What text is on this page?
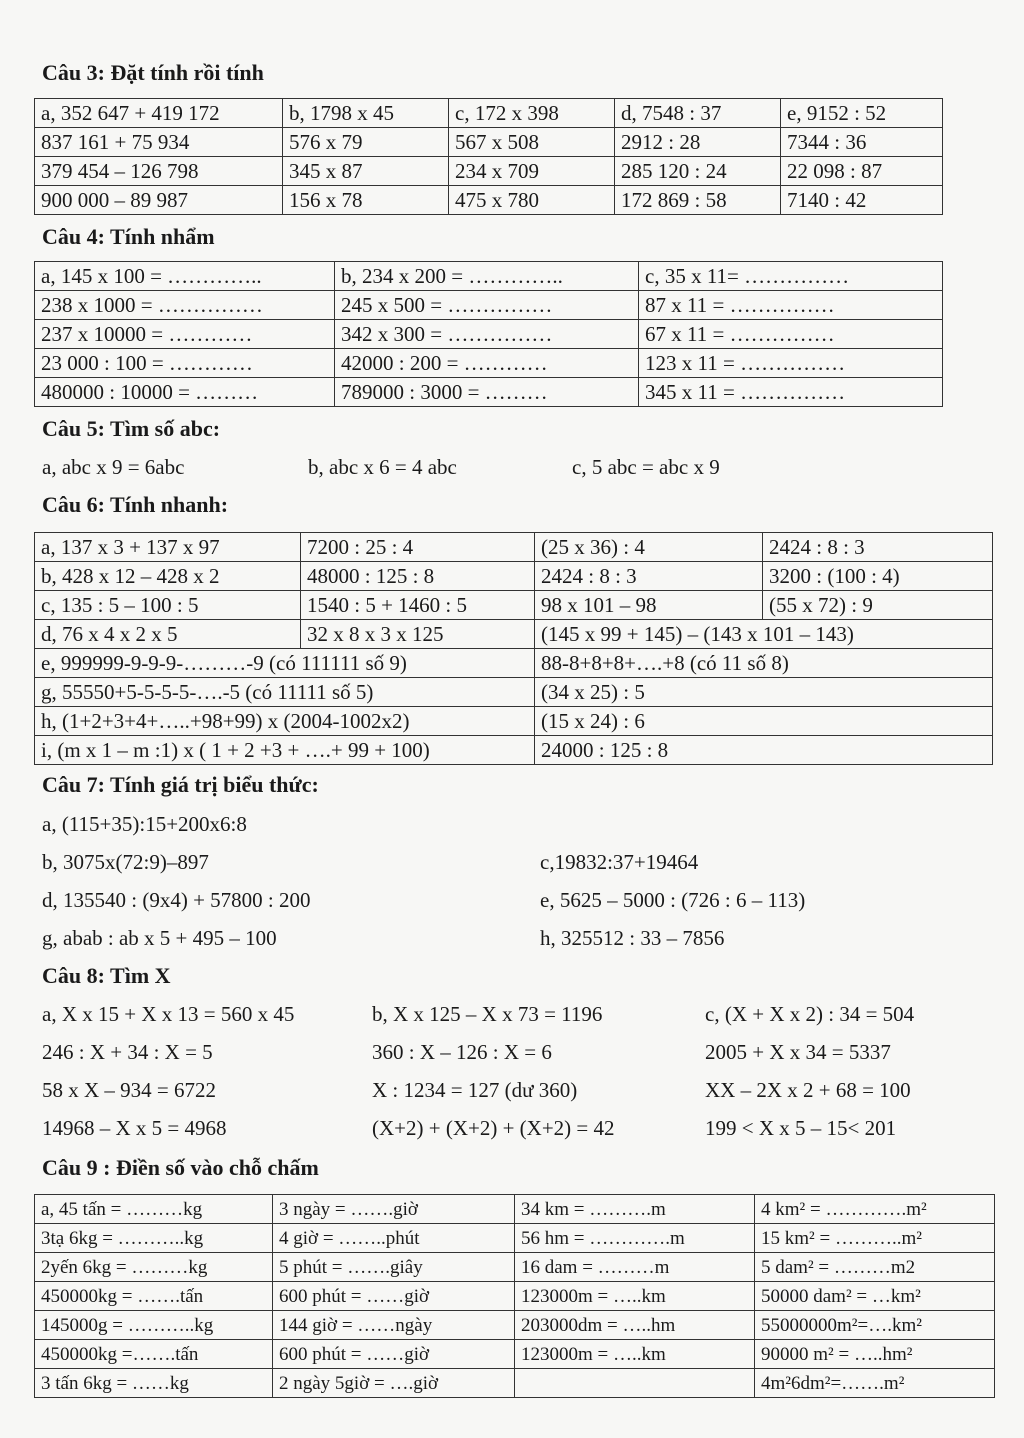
Câu 3: Đặt tính rồi tính
a, 352 647 + 419 172	b, 1798 x 45	c, 172 x 398	d, 7548 : 37	e, 9152 : 52
837 161 + 75 934	576 x 79	567 x 508	2912 : 28	7344 : 36
379 454 – 126 798	345 x 87	234 x 709	285 120 : 24	22 098 : 87
900 000 – 89 987	156 x 78	475 x 780	172 869 : 58	7140 : 42
Câu 4: Tính nhẩm
a, 145 x 100 = …………..	b, 234 x 200 = …………..	c, 35 x 11= ……………
238 x 1000 = ……………	245 x 500 = ……………	87 x 11 = ……………
237 x 10000 = …………	342 x 300 = ……………	67 x 11 = ……………
23 000 : 100 = …………	42000 : 200 = …………	123 x 11 = ……………
480000 : 10000 = ………	789000 : 3000 = ………	345 x 11 = ……………
Câu 5: Tìm số abc:
a, abc x 9 = 6abc	b, abc x 6 = 4 abc	c, 5 abc = abc x 9
Câu 6: Tính nhanh:
a, 137 x 3 + 137 x 97	7200 : 25 : 4	(25 x 36) : 4	2424 : 8 : 3
b, 428 x 12 – 428 x 2	48000 : 125 : 8	2424 : 8 : 3	3200 : (100 : 4)
c, 135 : 5 – 100 : 5	1540 : 5 + 1460 : 5	98 x 101 – 98	(55 x 72) : 9
d, 76 x 4 x 2 x 5	32 x 8 x 3 x 125	(145 x 99 + 145) – (143 x 101 – 143)	
e, 999999-9-9-9-………-9 (có 111111 số 9)		88-8+8+8+….+8 (có 11 số 8)	
g, 55550+5-5-5-5-….-5 (có 11111 số 5)		(34 x 25) : 5	
h, (1+2+3+4+…..+98+99) x (2004-1002x2)		(15 x 24) : 6	
i, (m x 1 – m :1) x ( 1 + 2 +3 + ….+ 99 + 100)		24000 : 125 : 8	
Câu 7: Tính giá trị biểu thức:
a, (115+35):15+200x6:8
b, 3075x(72:9)–897	c,19832:37+19464
d, 135540 : (9x4) + 57800 : 200	e, 5625 – 5000 : (726 : 6 – 113)
g, abab : ab x 5 + 495 – 100	h, 325512 : 33 – 7856
Câu 8: Tìm X
a, X x 15 + X x 13 = 560 x 45	b, X x 125 – X x 73 = 1196	c, (X + X x 2) : 34 = 504
246 : X + 34 : X = 5	360 : X – 126 : X = 6	2005 + X x 34 = 5337
58 x X – 934 = 6722	X : 1234 = 127 (dư 360)	XX – 2X x 2 + 68 = 100
14968 – X x 5 = 4968	(X+2) + (X+2) + (X+2) = 42	199 < X x 5 – 15< 201
Câu 9 : Điền số vào chỗ chấm
a, 45 tấn = ………kg	3 ngày = …….giờ	34 km = ……….m	4 km² = ………….m²
3tạ 6kg = ………..kg	4 giờ = ……..phút	56 hm = ………….m	15 km² = ………..m²
2yến 6kg = ………kg	5 phút = …….giây	16 dam = ………m	5 dam² = ………m2
450000kg = …….tấn	600 phút = ……giờ	123000m = …..km	50000 dam² = …km²
145000g = ………..kg	144 giờ = ……ngày	203000dm = …..hm	55000000m²=….km²
450000kg =…….tấn	600 phút = ……giờ	123000m = …..km	90000 m² = …..hm²
3 tấn 6kg = ……kg	2 ngày 5giờ = ….giờ		4m²6dm²=…….m²
